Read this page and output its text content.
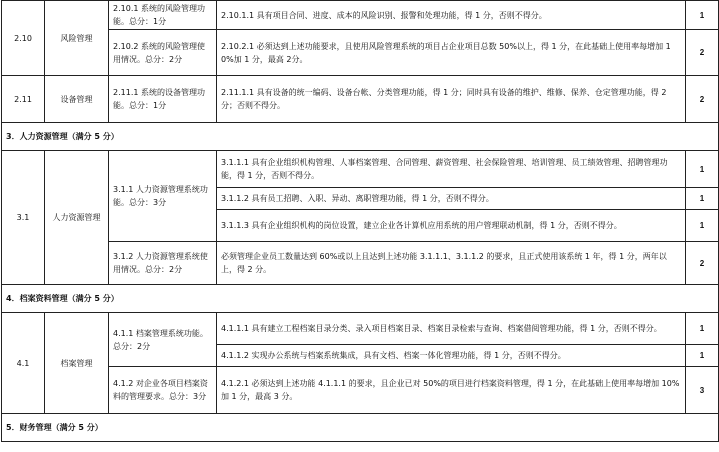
2.10	风险管理	2.10.1 系统的风险管理功能。总分：1分	2.10.1.1 具有项目合同、进度、成本的风险识别、报警和处理功能，得 1 分，否则不得分。	1
		2.10.2 系统的风险管理使用情况。总分：2分	2.10.2.1 必须达到上述功能要求，且使用风险管理系统的项目占企业项目总数 50%以上，得 1 分，在此基础上使用率每增加 10%加 1 分，最高 2分。	2
2.11	设备管理	2.11.1 系统的设备管理功能。总分：1分	2.11.1.1 具有设备的统一编码、设备台帐、分类管理功能，得 1 分；同时具有设备的维护、维修、保养、仓定管理功能，得 2 分；否则不得分。	2
3．人力资源管理（满分 5 分）				
3.1	人力资源管理	3.1.1 人力资源管理系统功能。总分：3分	3.1.1.1 具有企业组织机构管理、人事档案管理、合同管理、薪资管理、社会保险管理、培训管理、员工绩效管理、招聘管理功能，得 1 分，否则不得分。	1
			3.1.1.2 具有员工招聘、入职、异动、离职管理功能，得 1 分，否则不得分。	1
			3.1.1.3 具有企业组织机构的岗位设置，建立企业各计算机应用系统的用户管理联动机制，得 1 分，否则不得分。	1
		3.1.2 人力资源管理系统使用情况。总分：2分	必须管理企业员工数量达到 60%或以上且达到上述功能 3.1.1.1、3.1.1.2 的要求，且正式使用该系统 1 年，得 1 分，两年以上，得 2 分。	2
4．档案资料管理（满分 5 分）				
4.1	档案管理	4.1.1 档案管理系统功能。总分：2分	4.1.1.1 具有建立工程档案目录分类、录入项目档案目录、档案目录检索与查询、档案借阅管理功能，得 1 分，否则不得分。	1
			4.1.1.2 实现办公系统与档案系统集成，具有文档、档案一体化管理功能，得 1 分，否则不得分。	1
		4.1.2 对企业各项目档案资料的管理要求。总分：3分	4.1.2.1 必须达到上述功能 4.1.1.1 的要求，且企业已对 50%的项目进行档案资料管理，得 1 分，在此基础上使用率每增加 10%加 1 分，最高 3 分。	3
5．财务管理（满分 5 分）				
